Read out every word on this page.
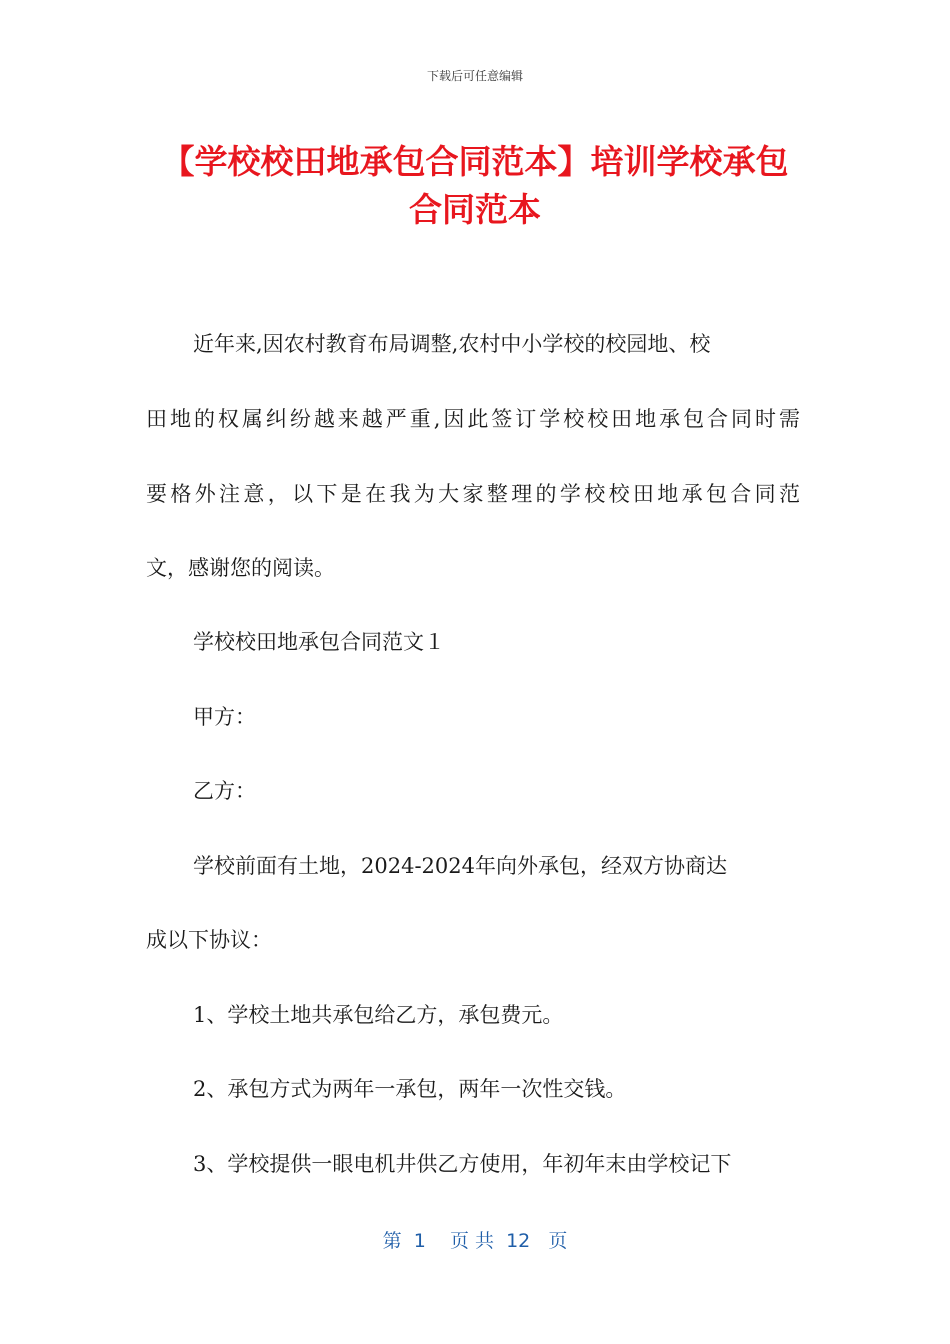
下载后可任意编辑
【学校校田地承包合同范本】培训学校承包
合同范本

近年来,因农村教育布局调整,农村中小学校的校园地、校

田地的权属纠纷越来越严重,因此签订学校校田地承包合同时需

要格外注意，以下是在我为大家整理的学校校田地承包合同范

文，感谢您的阅读。

学校校田地承包合同范文１

甲方：

乙方：

学校前面有土地，2024-2024年向外承包，经双方协商达

成以下协议：

1、学校土地共承包给乙方，承包费元。

2、承包方式为两年一承包，两年一次性交钱。

3、学校提供一眼电机井供乙方使用，年初年末由学校记下

第  1    页 共  12   页
